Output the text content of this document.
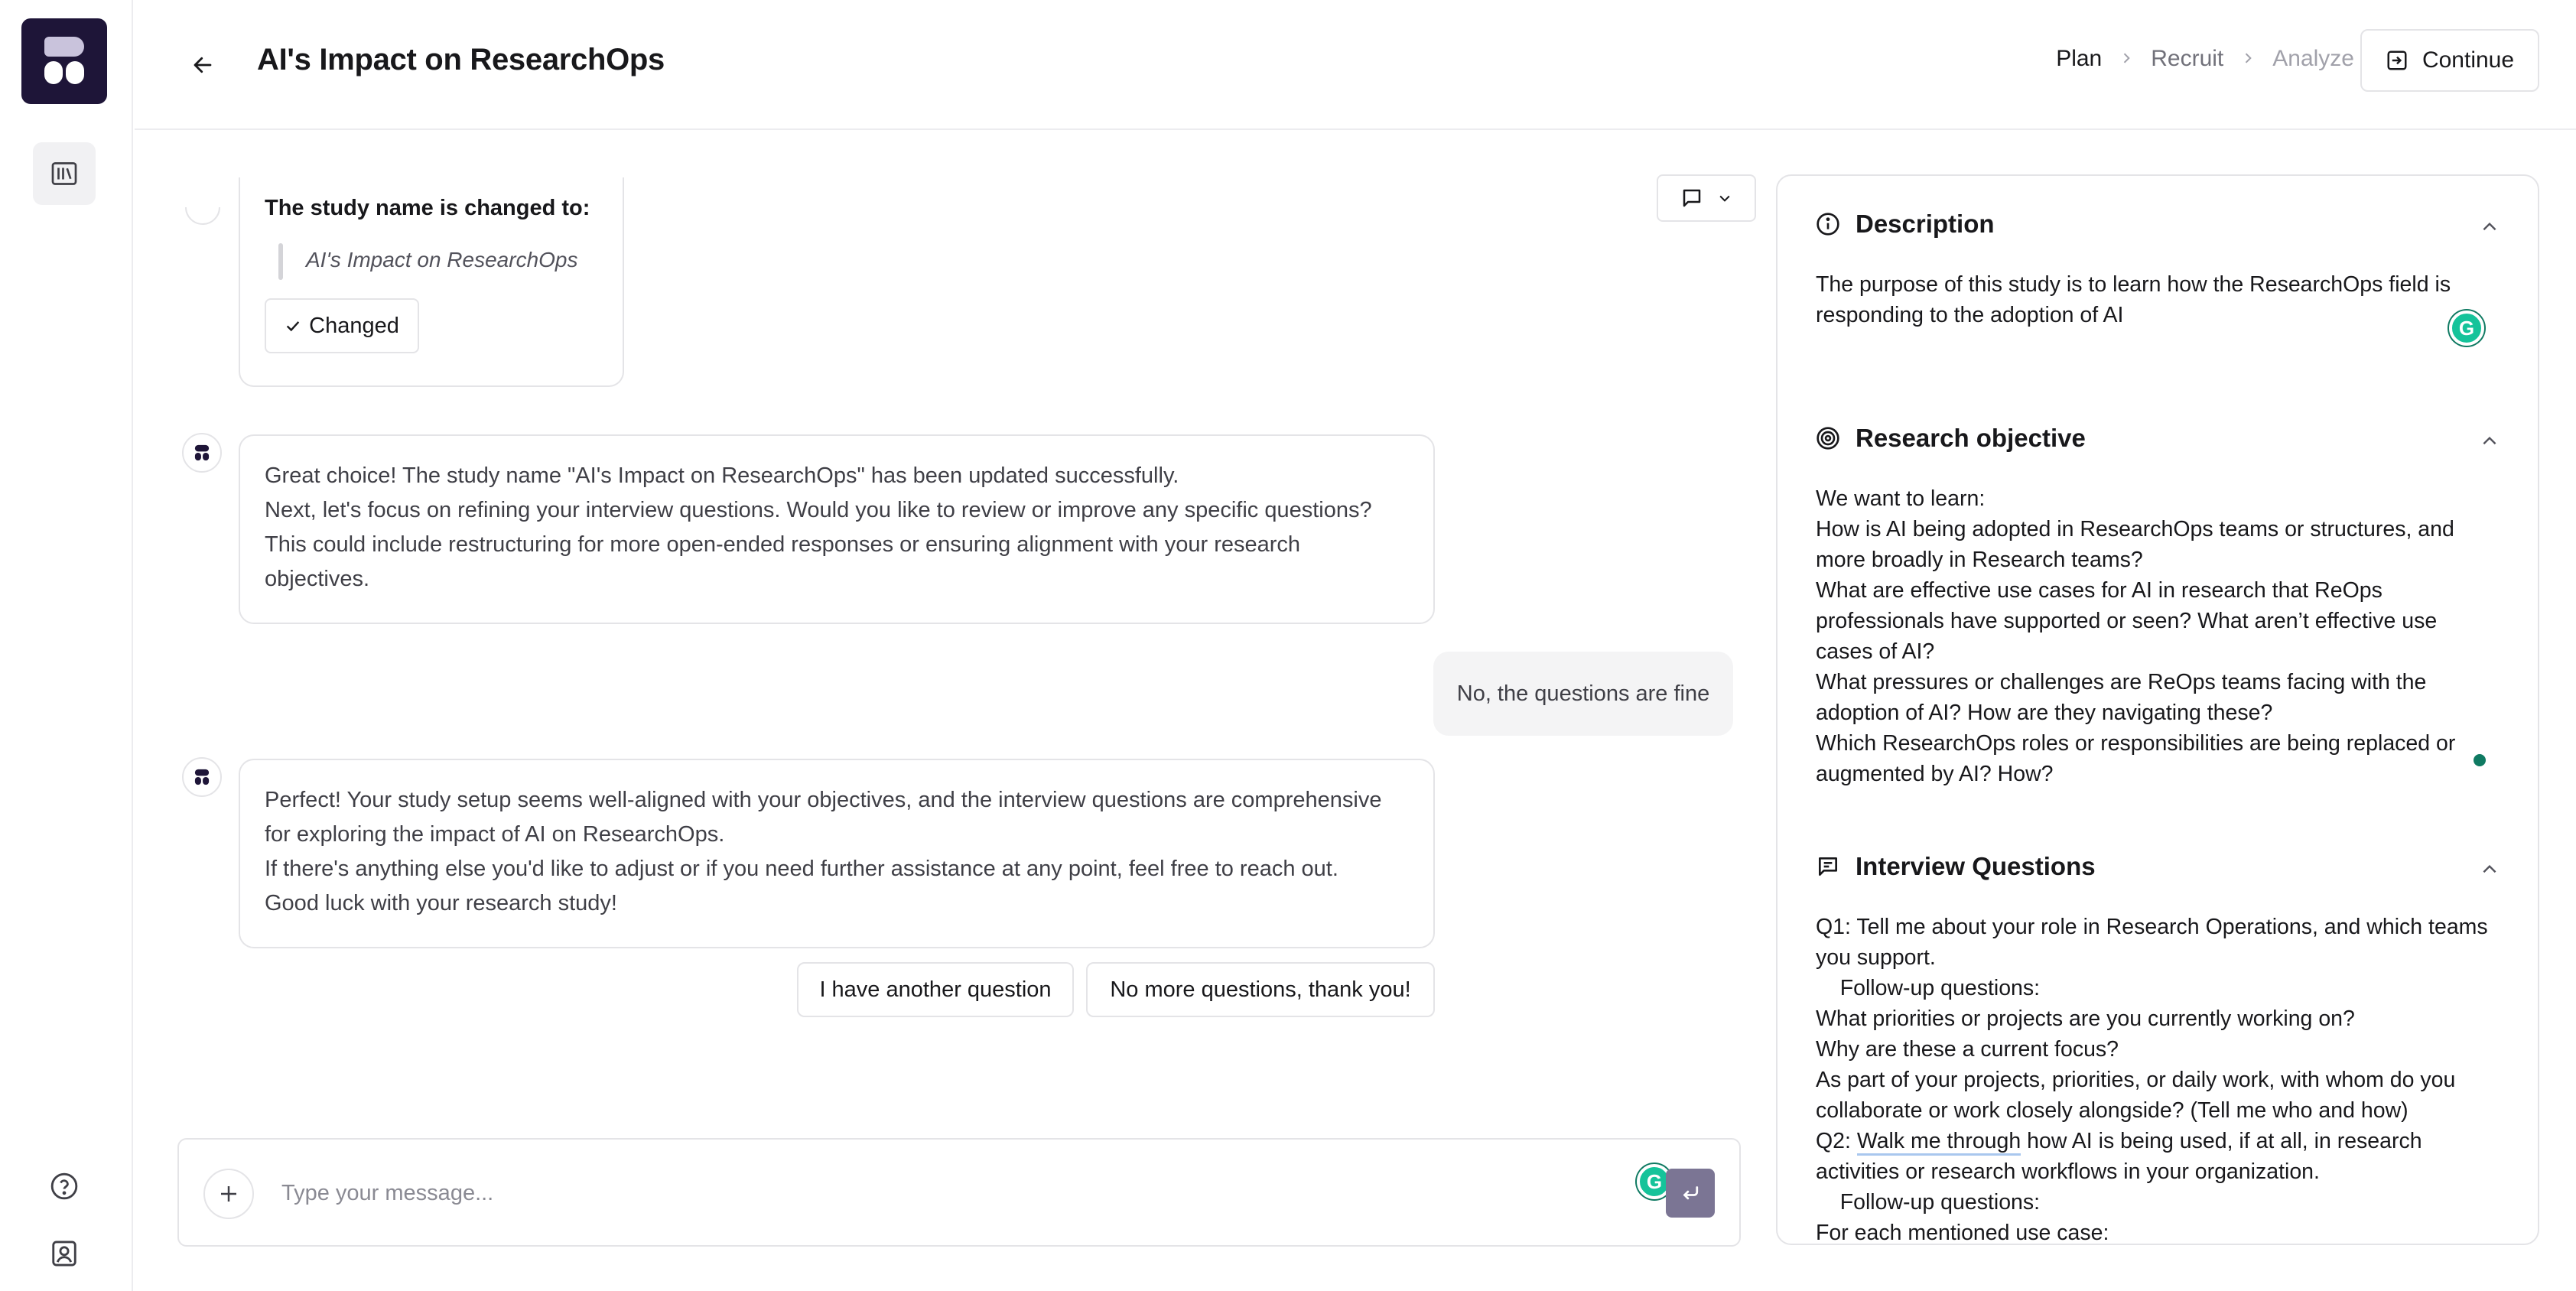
AI's Impact on ResearchOps	Plan Recruit Analyze	Continue
The study name is changed to:
AI's Impact on ResearchOps
Changed
Great choice! The study name "AI's Impact on ResearchOps" has been updated successfully.
Next, let's focus on refining your interview questions. Would you like to review or improve any specific questions?
This could include restructuring for more open-ended responses or ensuring alignment with your research
objectives.
No, the questions are fine
Perfect! Your study setup seems well-aligned with your objectives, and the interview questions are comprehensive
for exploring the impact of AI on ResearchOps.
If there's anything else you'd like to adjust or if you need further assistance at any point, feel free to reach out.
Good luck with your research study!
I have another question	No more questions, thank you!
Type your message...
G
Description
The purpose of this study is to learn how the ResearchOps field is
responding to the adoption of AI
G
Research objective
We want to learn:
How is AI being adopted in ResearchOps teams or structures, and
more broadly in Research teams?
What are effective use cases for AI in research that ReOps
professionals have supported or seen? What aren’t effective use
cases of AI?
What pressures or challenges are ReOps teams facing with the
adoption of AI? How are they navigating these?
Which ResearchOps roles or responsibilities are being replaced or
augmented by AI? How?
Interview Questions
Q1: Tell me about your role in Research Operations, and which teams
you support.
Follow-up questions:
What priorities or projects are you currently working on?
Why are these a current focus?
As part of your projects, priorities, or daily work, with whom do you
collaborate or work closely alongside? (Tell me who and how)
Q2: Walk me through how AI is being used, if at all, in research
activities or research workflows in your organization.
Follow-up questions:
For each mentioned use case:
